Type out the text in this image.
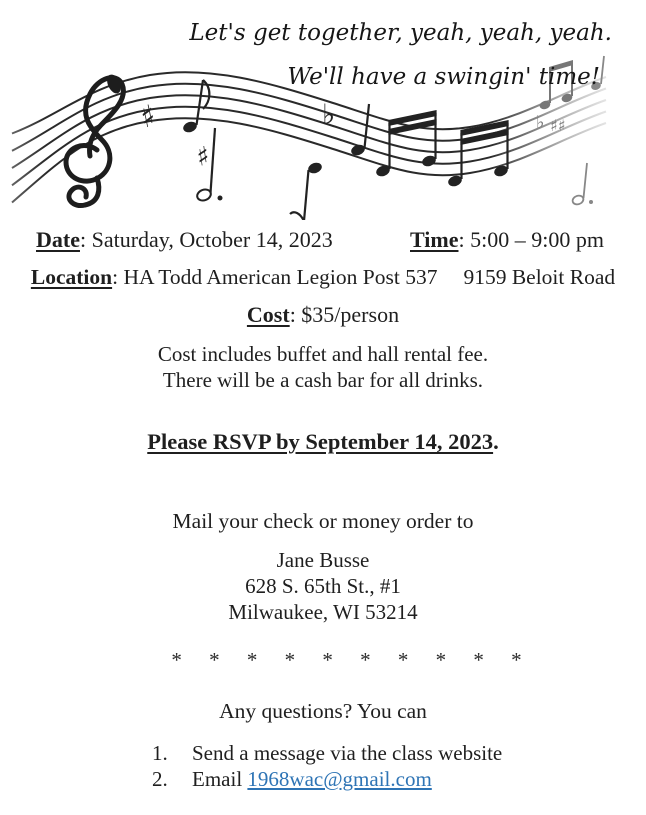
♯
♯
♭	♭ ♯♯
Let's get together, yeah, yeah, yeah.
We'll have a swingin' time!
Date: Saturday, October 14, 2023	Time: 5:00 – 9:00 pm
Location: HA Todd American Legion Post 537 9159 Beloit Road
Cost: $35/person
Cost includes buffet and hall rental fee.
There will be a cash bar for all drinks.
Please RSVP by September 14, 2023.
Mail your check or money order to
Jane Busse
628 S. 65th St., #1
Milwaukee, WI 53214
* * * * * * * * * *
Any questions? You can
1. Send a message via the class website
2. Email 1968wac@gmail.com
